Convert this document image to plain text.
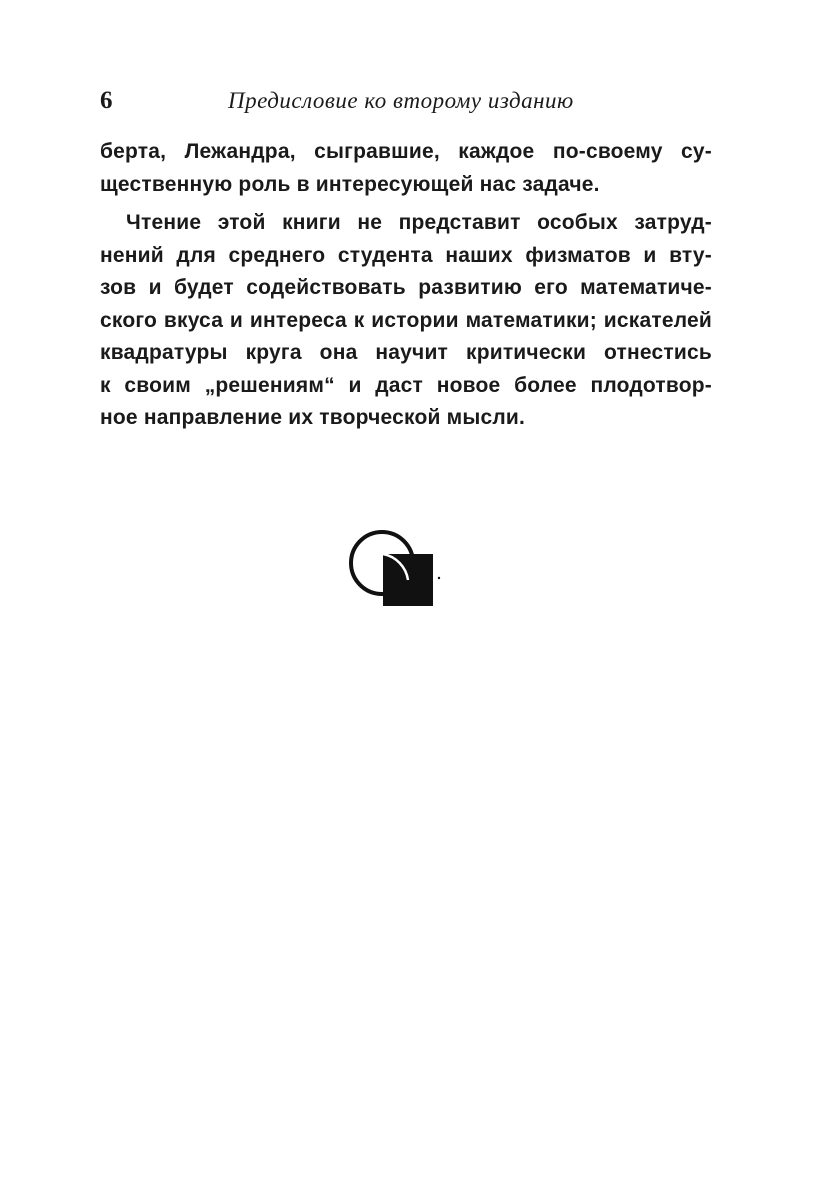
6	Предисловие ко второму изданию
берта, Лежандра, сыгравшие, каждое по-своему су-
щественную роль в интересующей нас задаче.
Чтение этой книги не представит особых затруд-
нений для среднего студента наших физматов и вту-
зов и будет содействовать развитию его математиче-
ского вкуса и интереса к истории математики; искателей
квадратуры круга она научит критически отнестись
к своим „решениям“ и даст новое более плодотвор-
ное направление их творческой мысли.
